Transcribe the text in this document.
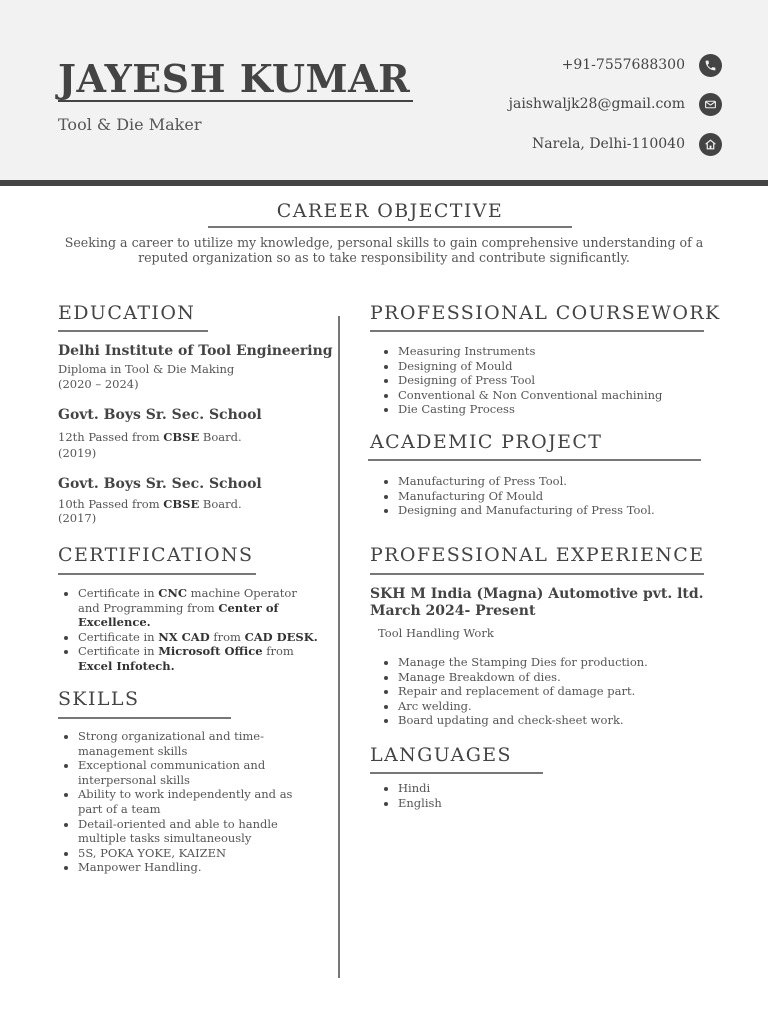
JAYESH KUMAR
Tool & Die Maker
+91-7557688300
jaishwaljk28@gmail.com
Narela, Delhi-110040
CAREER OBJECTIVE

Seeking a career to utilize my knowledge, personal skills to gain comprehensive understanding of a reputed organization so as to take responsibility and contribute significantly.

EDUCATION
Delhi Institute of Tool Engineering
Diploma in Tool & Die Making
(2020 – 2024)
Govt. Boys Sr. Sec. School
12th Passed from CBSE Board.
(2019)
Govt. Boys Sr. Sec. School
10th Passed from CBSE Board.
(2017)
CERTIFICATIONS
Certificate in CNC machine Operator
and Programming from Center of
Excellence.
Certificate in NX CAD from CAD DESK.
Certificate in Microsoft Office from
Excel Infotech.
SKILLS
Strong organizational and time-
management skills
Exceptional communication and
interpersonal skills
Ability to work independently and as
part of a team
Detail-oriented and able to handle
multiple tasks simultaneously
5S, POKA YOKE, KAIZEN
Manpower Handling.
PROFESSIONAL COURSEWORK
Measuring Instruments
Designing of Mould
Designing of Press Tool
Conventional & Non Conventional machining
Die Casting Process
ACADEMIC PROJECT
Manufacturing of Press Tool.
Manufacturing Of Mould
Designing and Manufacturing of Press Tool.
PROFESSIONAL EXPERIENCE
SKH M India (Magna) Automotive pvt. ltd.
March 2024- Present
Tool Handling Work
Manage the Stamping Dies for production.
Manage Breakdown of dies.
Repair and replacement of damage part.
Arc welding.
Board updating and check-sheet work.
LANGUAGES
Hindi
English
